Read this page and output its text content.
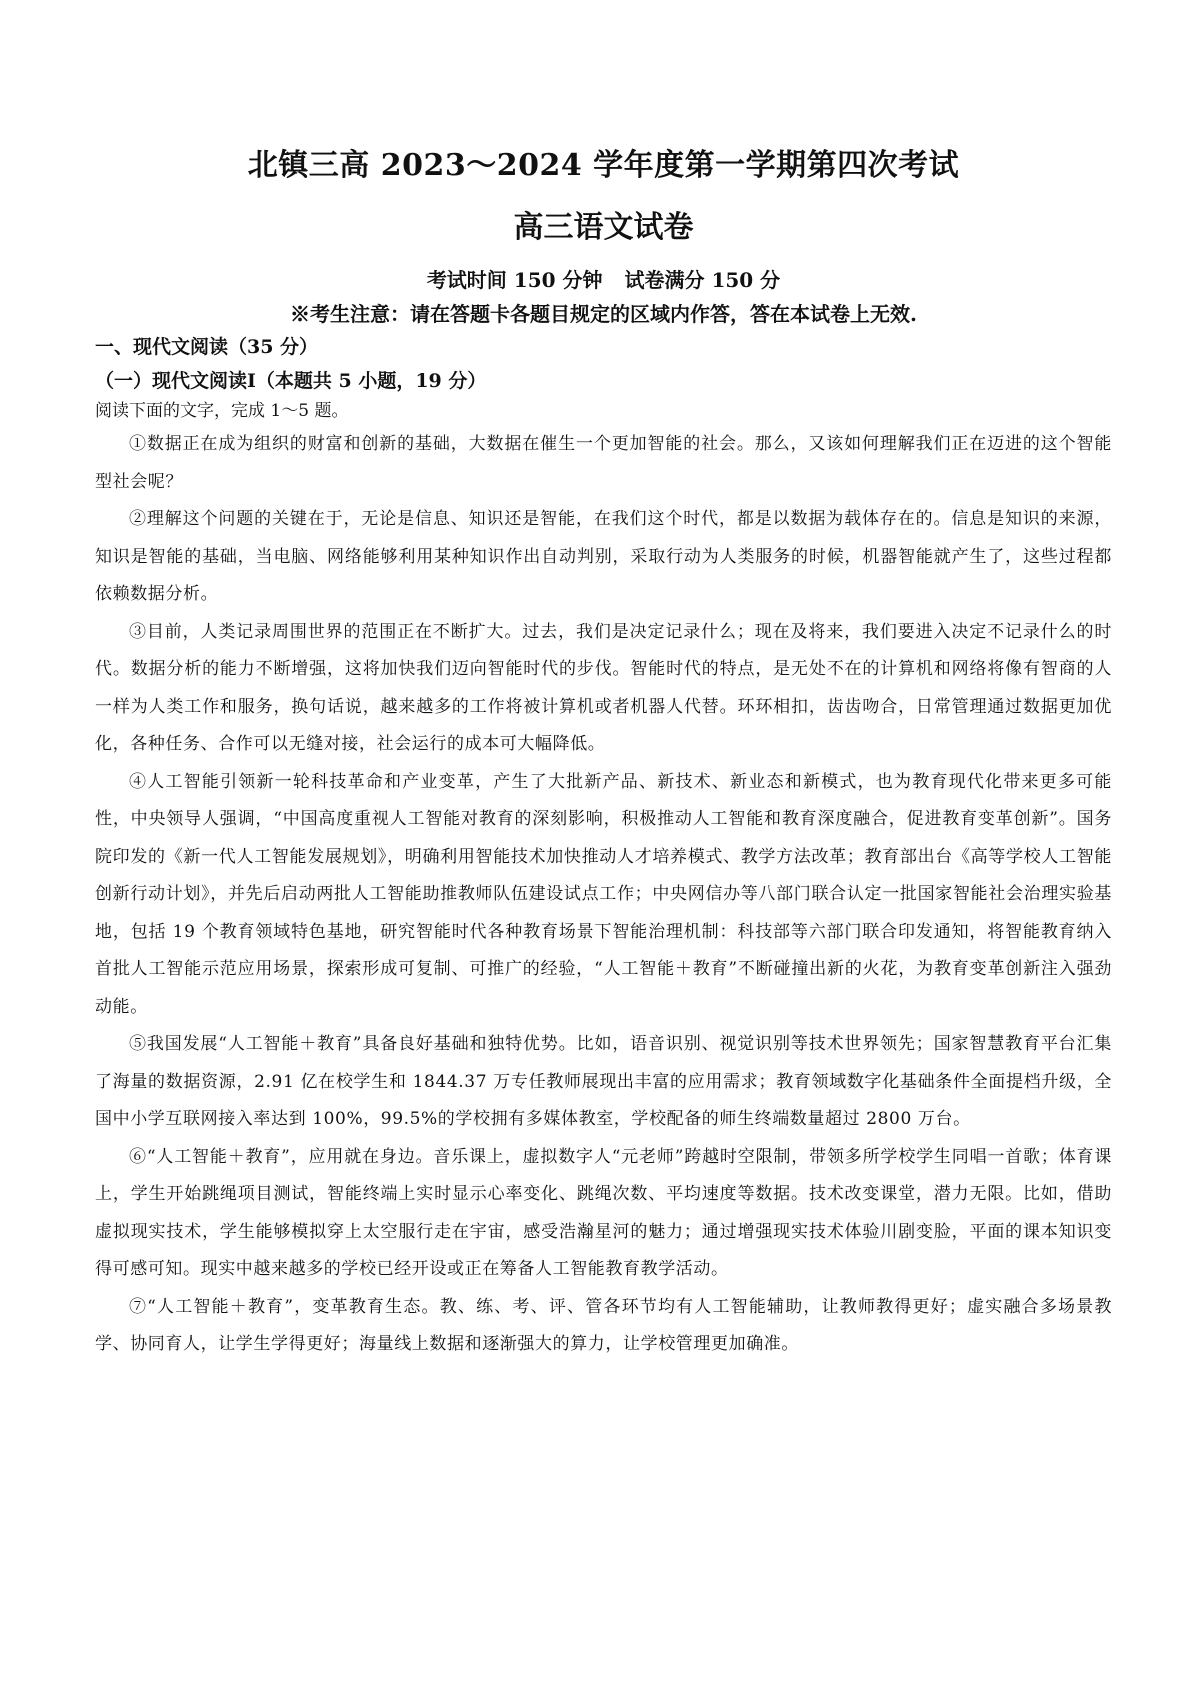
北镇三高 2023～2024 学年度第一学期第四次考试
高三语文试卷

考试时间 150 分钟 试卷满分 150 分

※考生注意：请在答题卡各题目规定的区域内作答，答在本试卷上无效.

一、现代文阅读（35 分）

（一）现代文阅读Ⅰ（本题共 5 小题，19 分）

阅读下面的文字，完成 1～5 题。

①数据正在成为组织的财富和创新的基础，大数据在催生一个更加智能的社会。那么，又该如何理解我们正在迈进的这个智能型社会呢？

②理解这个问题的关键在于，无论是信息、知识还是智能，在我们这个时代，都是以数据为载体存在的。信息是知识的来源，知识是智能的基础，当电脑、网络能够利用某种知识作出自动判别，采取行动为人类服务的时候，机器智能就产生了，这些过程都依赖数据分析。

③目前，人类记录周围世界的范围正在不断扩大。过去，我们是决定记录什么；现在及将来，我们要进入决定不记录什么的时代。数据分析的能力不断增强，这将加快我们迈向智能时代的步伐。智能时代的特点，是无处不在的计算机和网络将像有智商的人一样为人类工作和服务，换句话说，越来越多的工作将被计算机或者机器人代替。环环相扣，齿齿吻合，日常管理通过数据更加优化，各种任务、合作可以无缝对接，社会运行的成本可大幅降低。

④人工智能引领新一轮科技革命和产业变革，产生了大批新产品、新技术、新业态和新模式，也为教育现代化带来更多可能性，中央领导人强调，“中国高度重视人工智能对教育的深刻影响，积极推动人工智能和教育深度融合，促进教育变革创新”。国务院印发的《新一代人工智能发展规划》，明确利用智能技术加快推动人才培养模式、教学方法改革；教育部出台《高等学校人工智能创新行动计划》，并先后启动两批人工智能助推教师队伍建设试点工作；中央网信办等八部门联合认定一批国家智能社会治理实验基地，包括 19 个教育领域特色基地，研究智能时代各种教育场景下智能治理机制：科技部等六部门联合印发通知，将智能教育纳入首批人工智能示范应用场景，探索形成可复制、可推广的经验，“人工智能＋教育”不断碰撞出新的火花，为教育变革创新注入强劲动能。

⑤我国发展“人工智能＋教育”具备良好基础和独特优势。比如，语音识别、视觉识别等技术世界领先；国家智慧教育平台汇集了海量的数据资源，2.91 亿在校学生和 1844.37 万专任教师展现出丰富的应用需求；教育领域数字化基础条件全面提档升级，全国中小学互联网接入率达到 100%，99.5%的学校拥有多媒体教室，学校配备的师生终端数量超过 2800 万台。

⑥“人工智能＋教育”，应用就在身边。音乐课上，虚拟数字人“元老师”跨越时空限制，带领多所学校学生同唱一首歌；体育课上，学生开始跳绳项目测试，智能终端上实时显示心率变化、跳绳次数、平均速度等数据。技术改变课堂，潜力无限。比如，借助虚拟现实技术，学生能够模拟穿上太空服行走在宇宙，感受浩瀚星河的魅力；通过增强现实技术体验川剧变脸，平面的课本知识变得可感可知。现实中越来越多的学校已经开设或正在筹备人工智能教育教学活动。

⑦“人工智能＋教育”，变革教育生态。教、练、考、评、管各环节均有人工智能辅助，让教师教得更好；虚实融合多场景教学、协同育人，让学生学得更好；海量线上数据和逐渐强大的算力，让学校管理更加确准。
